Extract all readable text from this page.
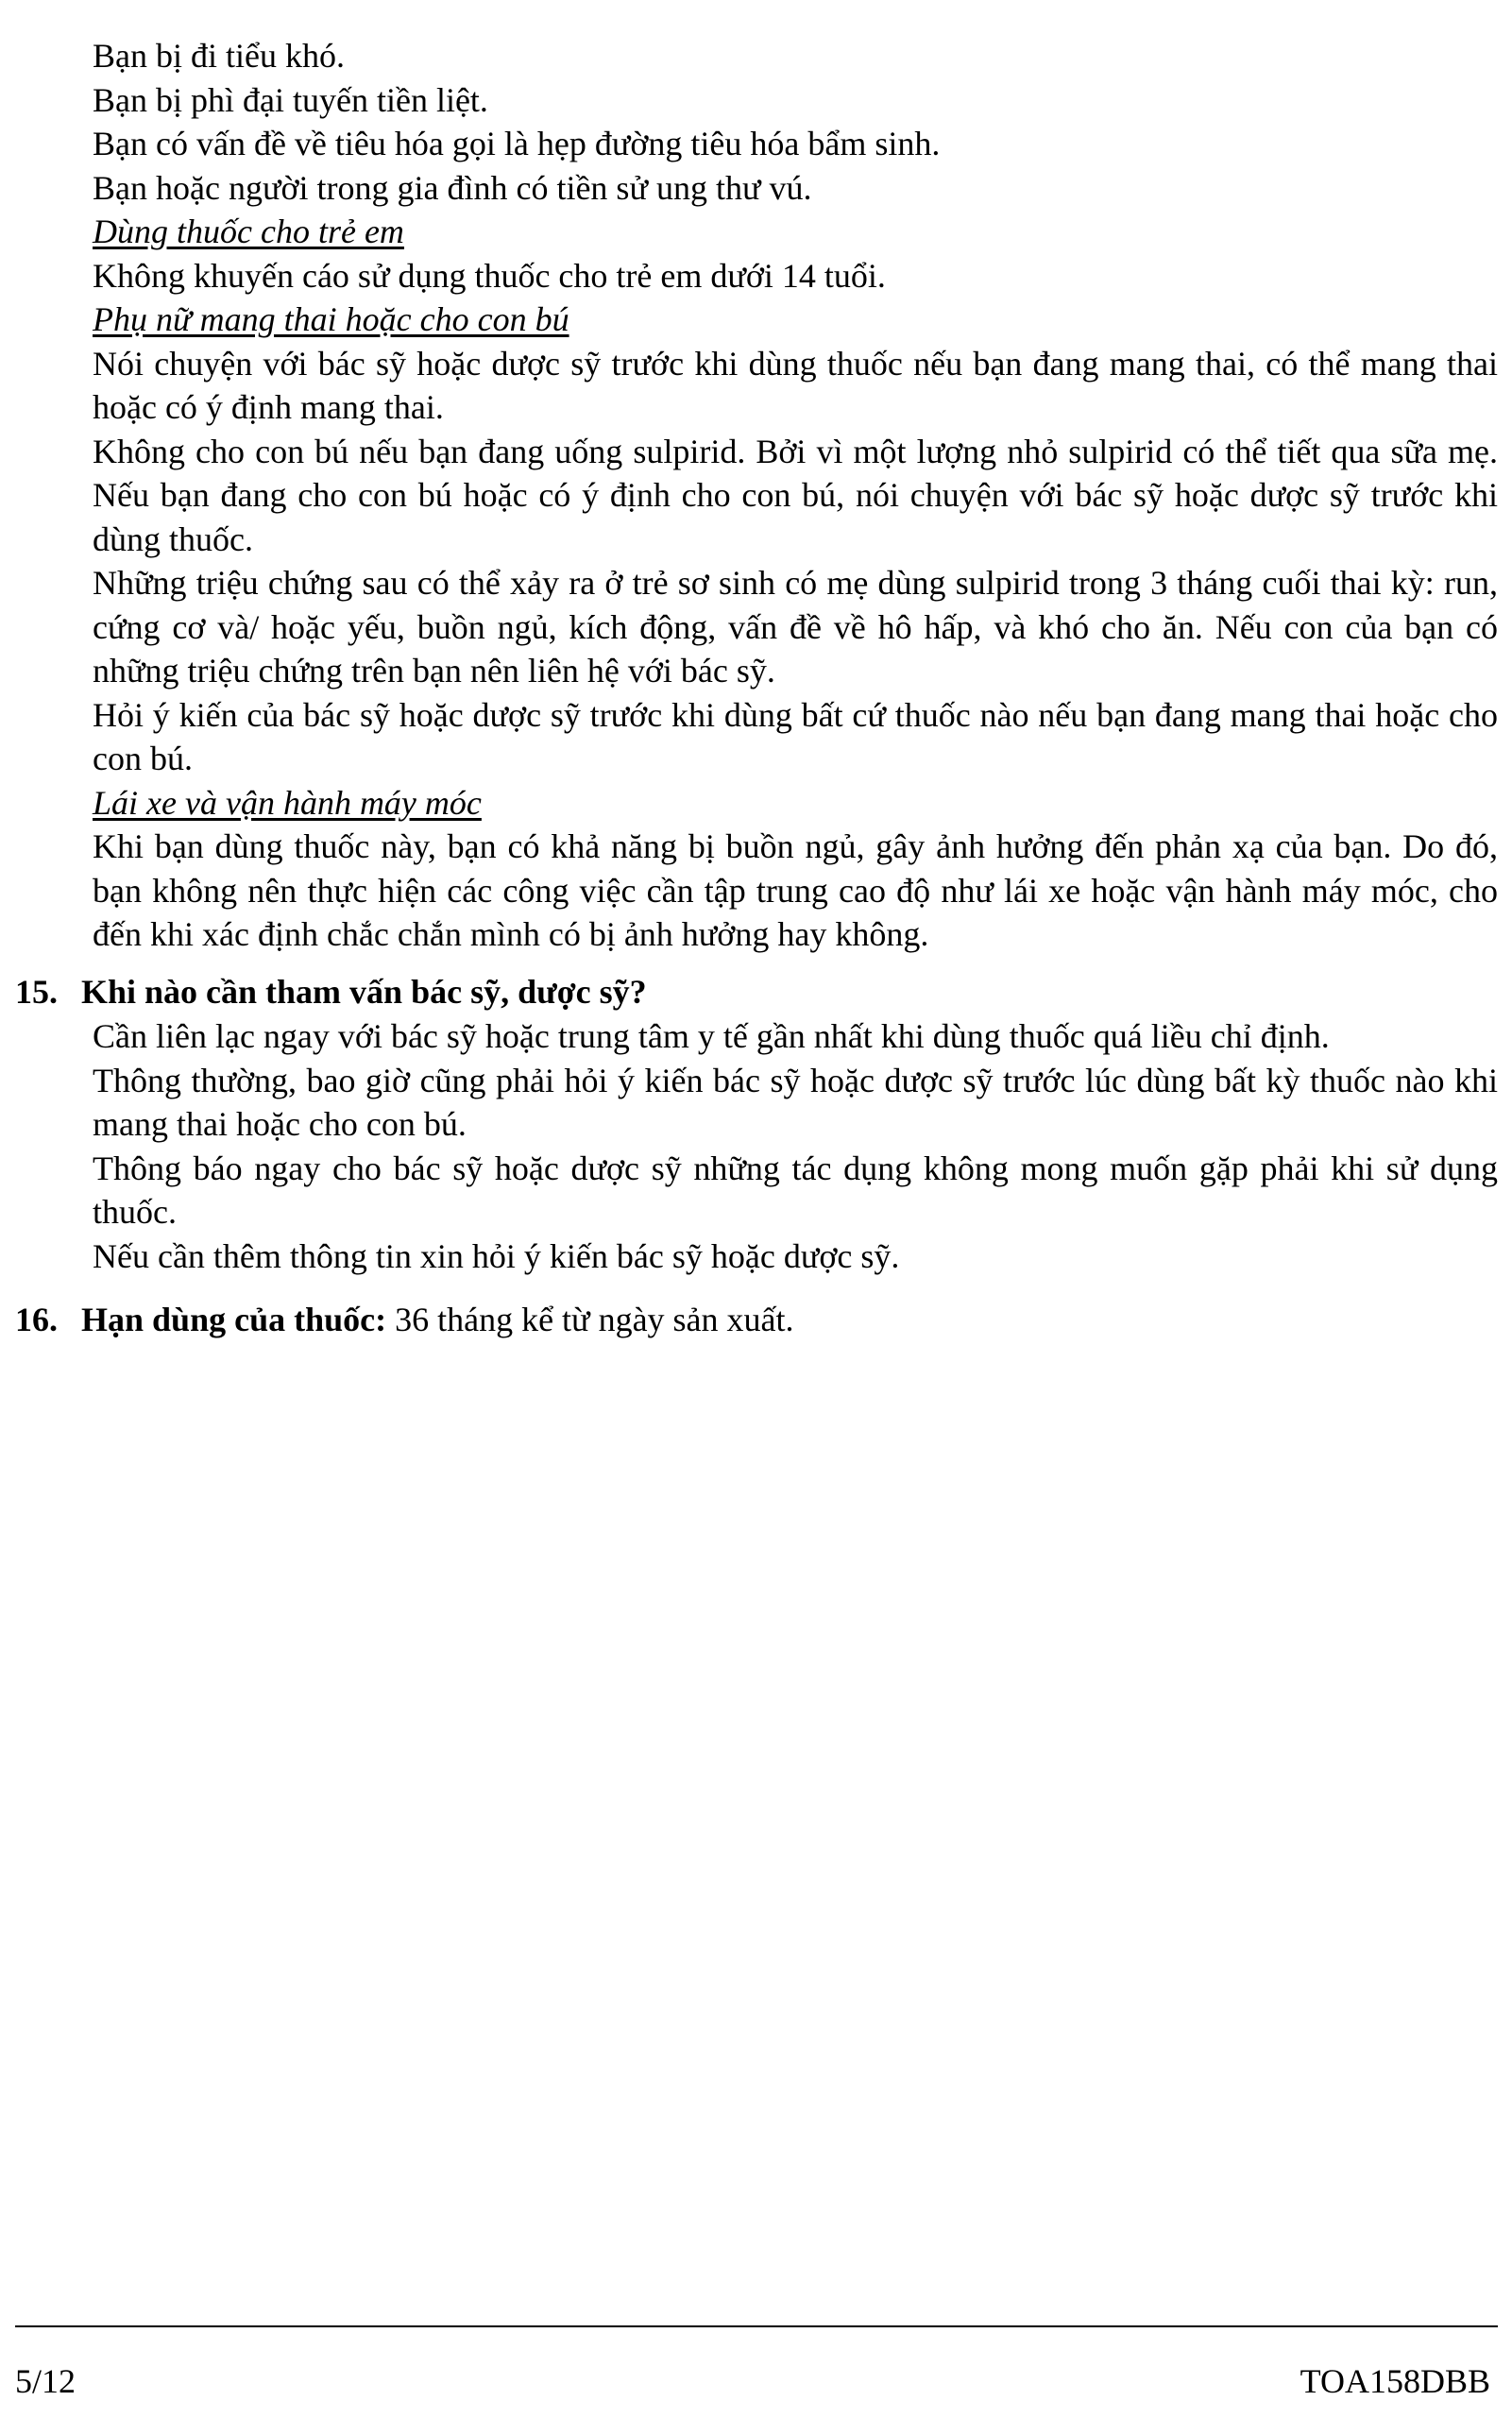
Bạn bị đi tiểu khó.

Bạn bị phì đại tuyến tiền liệt.

Bạn có vấn đề về tiêu hóa gọi là hẹp đường tiêu hóa bẩm sinh.

Bạn hoặc người trong gia đình có tiền sử ung thư vú.

Dùng thuốc cho trẻ em

Không khuyến cáo sử dụng thuốc cho trẻ em dưới 14 tuổi.

Phụ nữ mang thai hoặc cho con bú

Nói chuyện với bác sỹ hoặc dược sỹ trước khi dùng thuốc nếu bạn đang mang thai, có thể mang thai hoặc có ý định mang thai.

Không cho con bú nếu bạn đang uống sulpirid. Bởi vì một lượng nhỏ sulpirid có thể tiết qua sữa mẹ. Nếu bạn đang cho con bú hoặc có ý định cho con bú, nói chuyện với bác sỹ hoặc dược sỹ trước khi dùng thuốc.

Những triệu chứng sau có thể xảy ra ở trẻ sơ sinh có mẹ dùng sulpirid trong 3 tháng cuối thai kỳ: run, cứng cơ và/ hoặc yếu, buồn ngủ, kích động, vấn đề về hô hấp, và khó cho ăn. Nếu con của bạn có những triệu chứng trên bạn nên liên hệ với bác sỹ.

Hỏi ý kiến của bác sỹ hoặc dược sỹ trước khi dùng bất cứ thuốc nào nếu bạn đang mang thai hoặc cho con bú.

Lái xe và vận hành máy móc

Khi bạn dùng thuốc này, bạn có khả năng bị buồn ngủ, gây ảnh hưởng đến phản xạ của bạn. Do đó, bạn không nên thực hiện các công việc cần tập trung cao độ như lái xe hoặc vận hành máy móc, cho đến khi xác định chắc chắn mình có bị ảnh hưởng hay không.

15. Khi nào cần tham vấn bác sỹ, dược sỹ?

Cần liên lạc ngay với bác sỹ hoặc trung tâm y tế gần nhất khi dùng thuốc quá liều chỉ định.

Thông thường, bao giờ cũng phải hỏi ý kiến bác sỹ hoặc dược sỹ trước lúc dùng bất kỳ thuốc nào khi mang thai hoặc cho con bú.

Thông báo ngay cho bác sỹ hoặc dược sỹ những tác dụng không mong muốn gặp phải khi sử dụng thuốc.

Nếu cần thêm thông tin xin hỏi ý kiến bác sỹ hoặc dược sỹ.

16. Hạn dùng của thuốc: 36 tháng kể từ ngày sản xuất.
5/12	TOA158DBB
